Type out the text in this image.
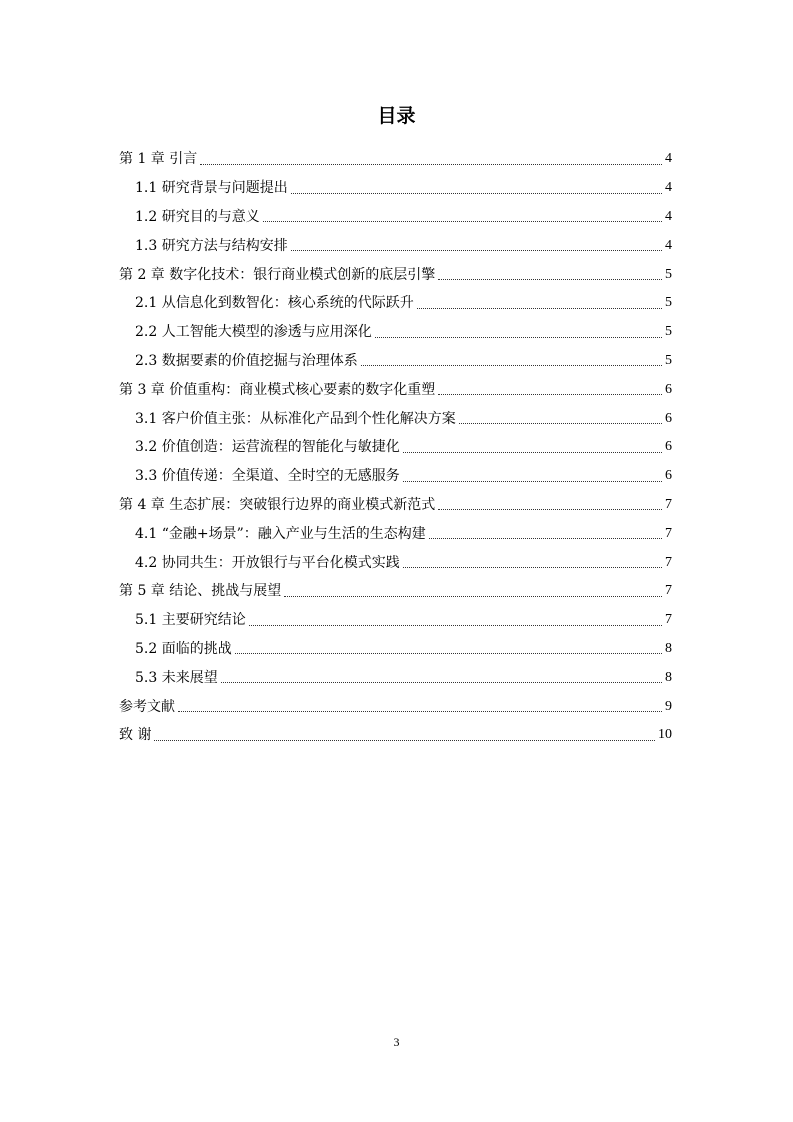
目录
第 1 章 引言	4
1.1 研究背景与问题提出	4
1.2 研究目的与意义	4
1.3 研究方法与结构安排	4
第 2 章 数字化技术：银行商业模式创新的底层引擎	5
2.1 从信息化到数智化：核心系统的代际跃升	5
2.2 人工智能大模型的渗透与应用深化	5
2.3 数据要素的价值挖掘与治理体系	5
第 3 章 价值重构：商业模式核心要素的数字化重塑	6
3.1 客户价值主张：从标准化产品到个性化解决方案	6
3.2 价值创造：运营流程的智能化与敏捷化	6
3.3 价值传递：全渠道、全时空的无感服务	6
第 4 章 生态扩展：突破银行边界的商业模式新范式	7
4.1 “金融+场景”：融入产业与生活的生态构建	7
4.2 协同共生：开放银行与平台化模式实践	7
第 5 章 结论、挑战与展望	7
5.1 主要研究结论	7
5.2 面临的挑战	8
5.3 未来展望	8
参考文献	9
致 谢	10
3
